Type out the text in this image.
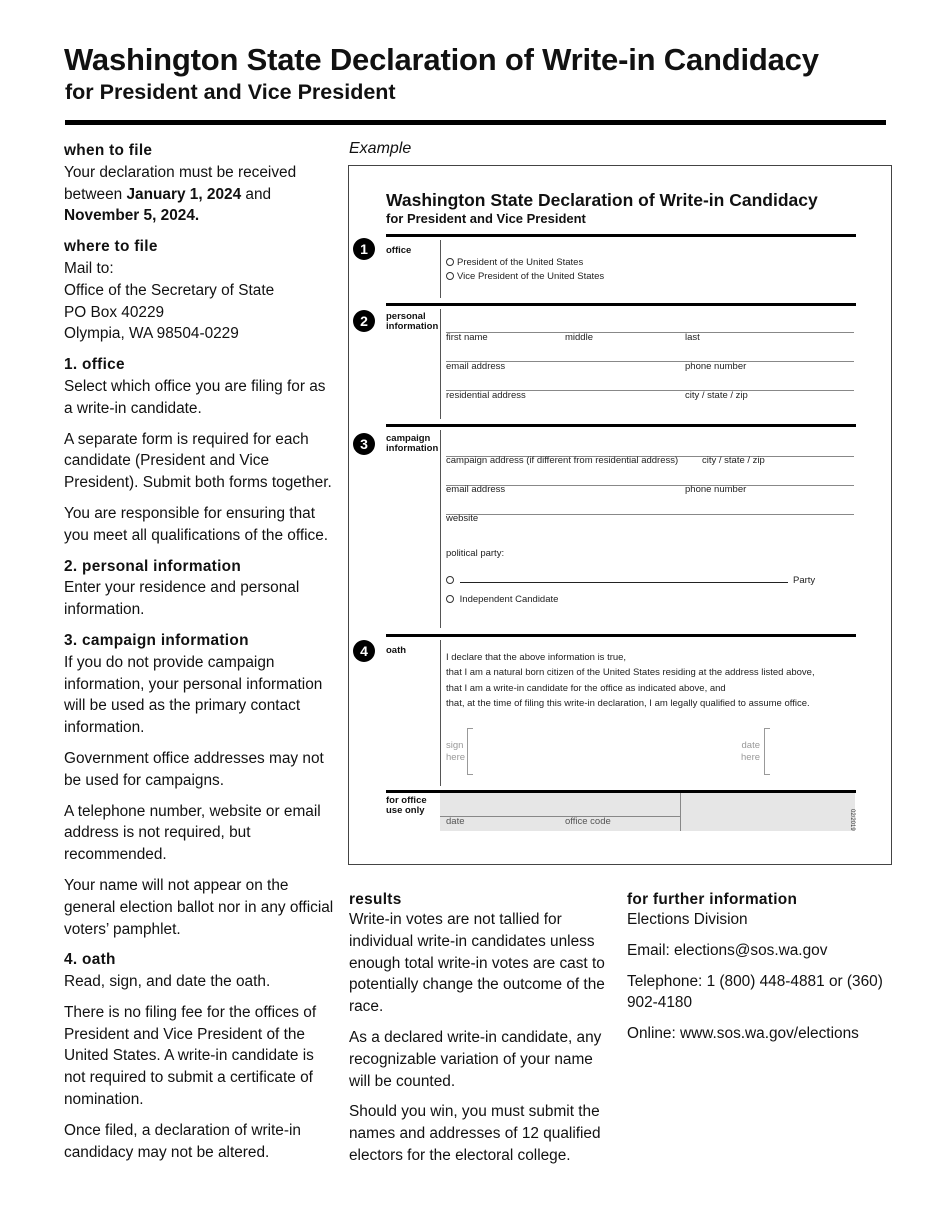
Washington State Declaration of Write-in Candidacy
for President and Vice President
when to file

Your declaration must be received between January 1, 2024 and November 5, 2024.

where to file

Mail to:

Office of the Secretary of State

PO Box 40229

Olympia, WA 98504-0229

1. office

Select which office you are filing for as a write-in candidate.

A separate form is required for each candidate (President and Vice President). Submit both forms together.

You are responsible for ensuring that you meet all qualifications of the office.

2. personal information

Enter your residence and personal information.

3. campaign information

If you do not provide campaign information, your personal information will be used as the primary contact information.

Government office addresses may not be used for campaigns.

A telephone number, website or email address is not required, but recommended.

Your name will not appear on the general election ballot nor in any official voters’ pamphlet.

4. oath

Read, sign, and date the oath.

There is no filing fee for the offices of President and Vice President of the United States. A write-in candidate is not required to submit a certificate of nomination.

Once filed, a declaration of write-in candidacy may not be altered.

Example
Washington State Declaration of Write-in Candidacy
for President and Vice President
1	office
President of the United States
Vice President of the United States
2	personal
information
first name	middle	last
email address	phone number
residential address	city / state / zip
3	campaign
information
campaign address (if different from residential address)	city / state / zip
email address	phone number
website
political party:
Party
Independent Candidate
4	oath
I declare that the above information is true,
that I am a natural born citizen of the United States residing at the address listed above,
that I am a write-in candidate for the office as indicated above, and
that, at the time of filing this write-in declaration, I am legally qualified to assume office.
sign
here
date
here
for office
use only
date	office code	02/2019
results

Write-in votes are not tallied for individual write-in candidates unless enough total write-in votes are cast to potentially change the outcome of the race.

As a declared write-in candidate, any recognizable variation of your name will be counted.

Should you win, you must submit the names and addresses of 12 qualified electors for the electoral college.

for further information

Elections Division

Email: elections@sos.wa.gov

Telephone: 1 (800) 448-4881 or (360) 902-4180

Online: www.sos.wa.gov/elections
